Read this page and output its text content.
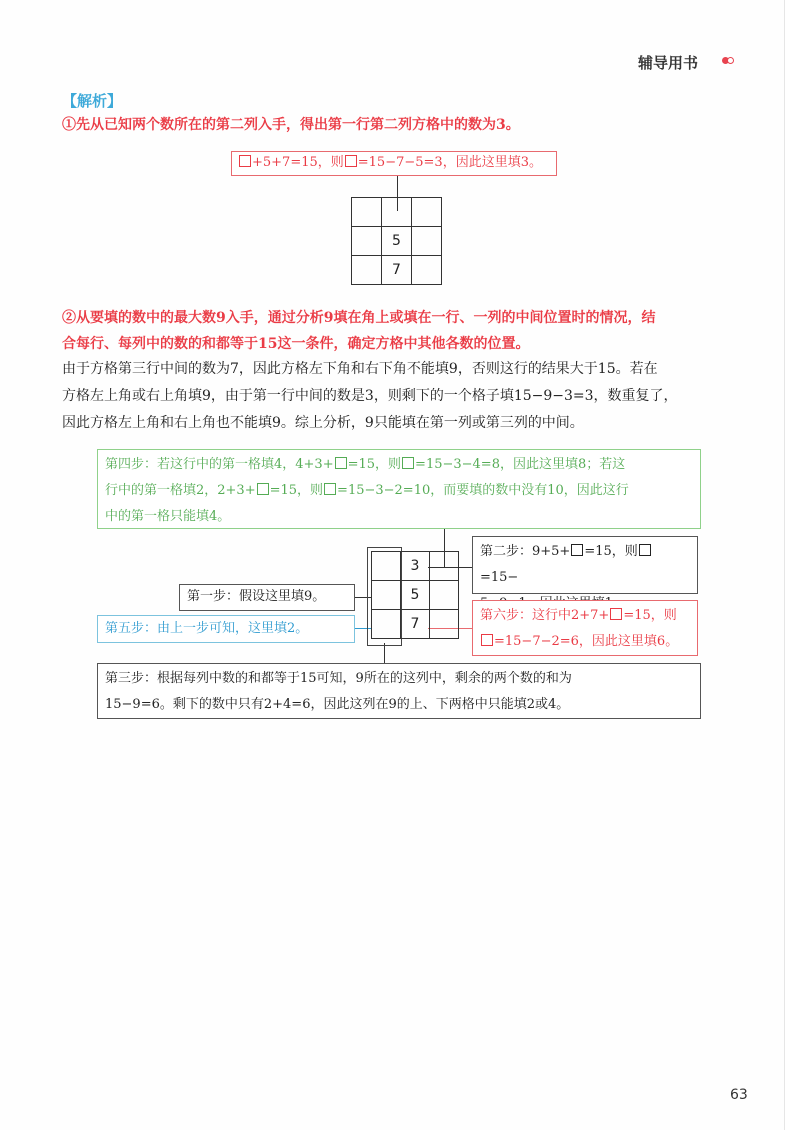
辅导用书
【解析】
①先从已知两个数所在的第二列入手，得出第一行第二列方格中的数为3。
+5+7=15，则 =15−7−5=3，因此这里填3。

	5	
	7	
②从要填的数中的最大数9入手，通过分析9填在角上或填在一行、一列的中间位置时的情况，结
合每行、每列中的数的和都等于15这一条件，确定方格中其他各数的位置。
由于方格第三行中间的数为7，因此方格左下角和右下角不能填9，否则这行的结果大于15。若在
方格左上角或右上角填9，由于第一行中间的数是3，则剩下的一个格子填15−9−3=3，数重复了，
因此方格左上角和右上角也不能填9。综上分析，9只能填在第一列或第三列的中间。
第四步：若这行中的第一格填4，4+3+ =15，则 =15−3−4=8，因此这里填8；若这
行中的第一格填2，2+3+ =15，则 =15−3−2=10，而要填的数中没有10，因此这行
中的第一格只能填4。
	3	
	5	
	7	
第二步：9+5+ =15，则=15−
第一步：假设这里填9。
第五步：由上一步可知，这里填2。
第六步：这行中2+7+ =15，则
=15−7−2=6，因此这里填6。
第三步：根据每列中数的和都等于15可知，9所在的这列中，剩余的两个数的和为
15−9=6。剩下的数中只有2+4=6，因此这列在9的上、下两格中只能填2或4。
63
